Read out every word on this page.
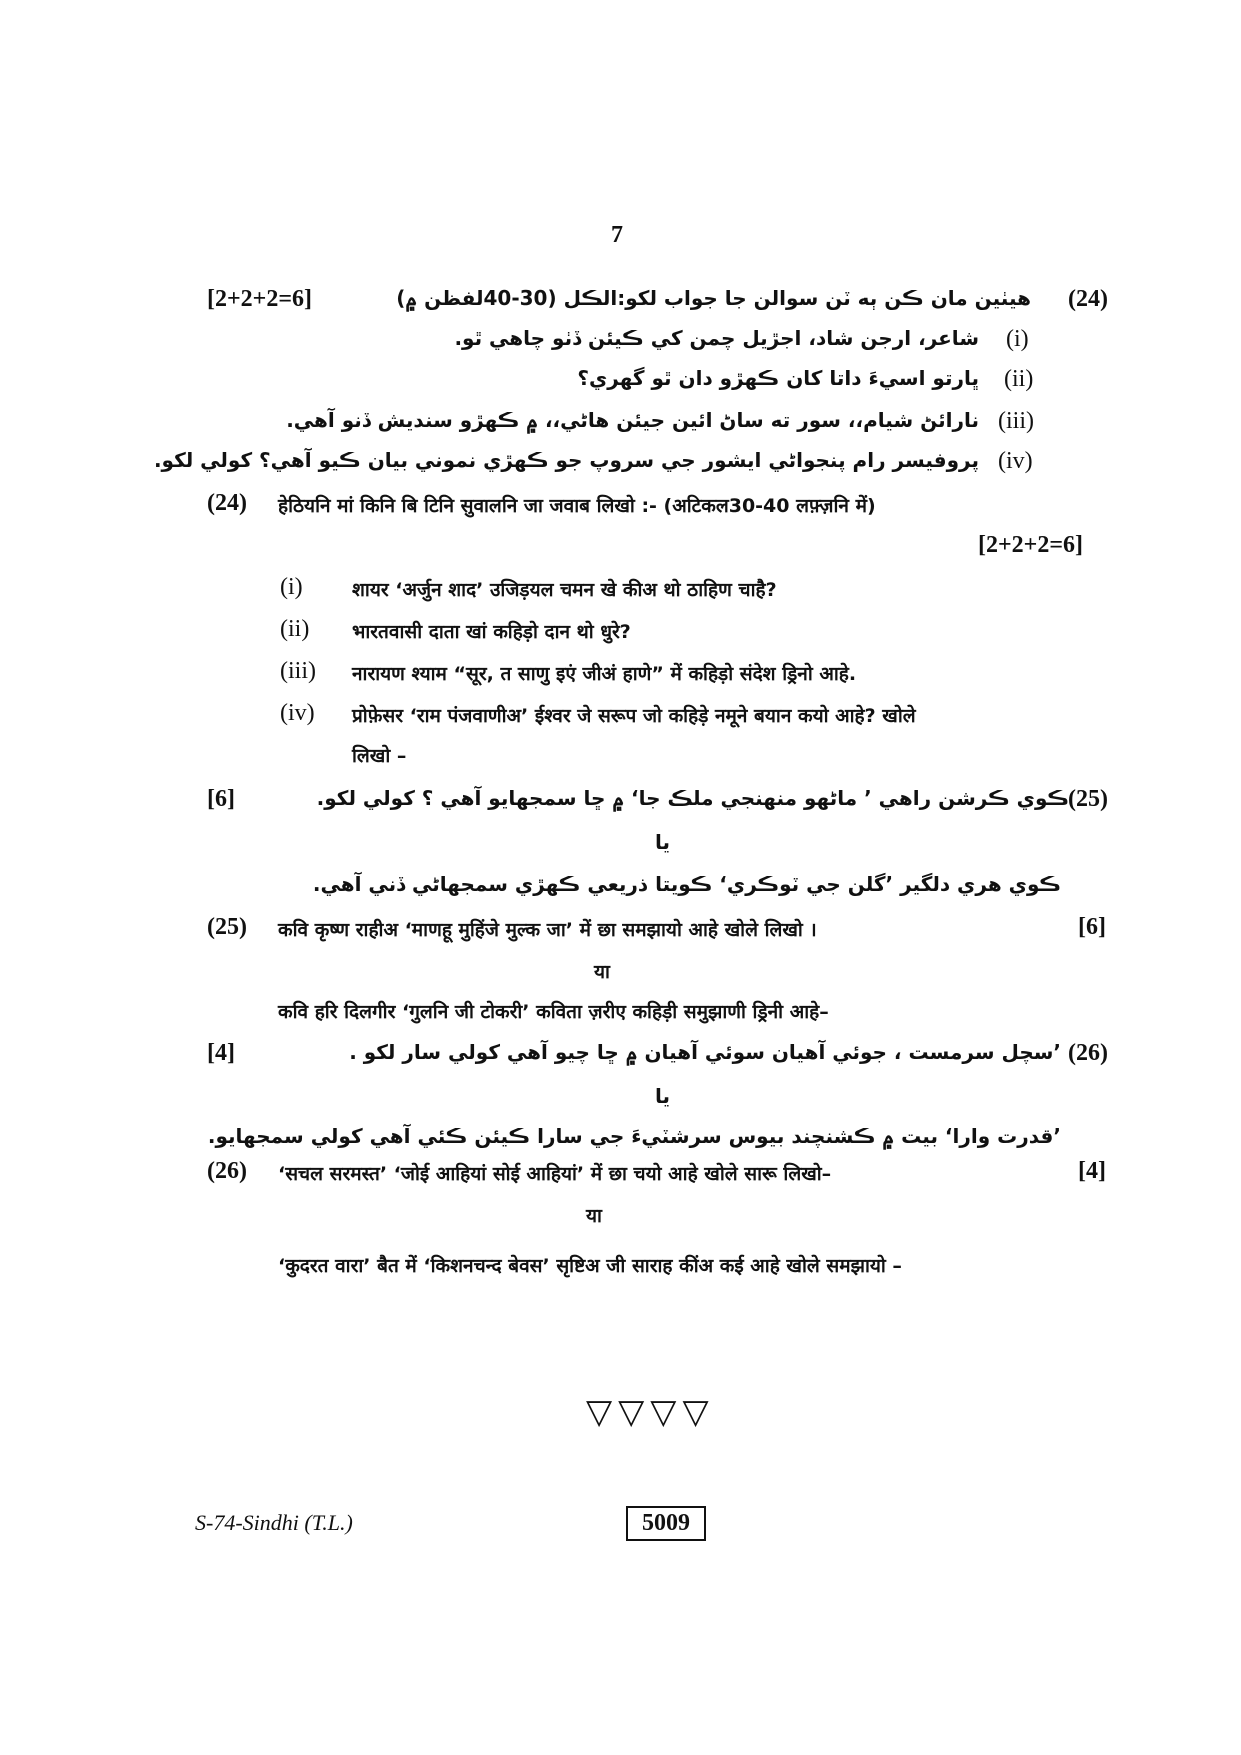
7
[2+2+2=6]	هيٺين مان ڪن ٻه ٽن سوالن جا جواب لکو:الڪل (30-40لفظن ۾) (24)
(i)
شاعر، ارجن شاد، اجڙيل چمن کي ڪيئن ڏٺو چاهي ٿو.
(ii)
ڀارتو اسيءَ داتا کان ڪهڙو دان ٿو گهري؟
(iii)
نارائڻ شيام،، سور ته ساڻ ائين جيئن هاڻي،، ۾ ڪهڙو سنديش ڏنو آهي.
(iv)
پروفيسر رام پنجواڻي ايشور جي سروپ جو ڪهڙي نموني بيان ڪيو آهي؟ کولي لکو.
(24) हेठियनि मां किनि बि टिनि सुवालनि जा जवाब लिखो :- (अटिकल30-40 लफ़्ज़नि में)
[2+2+2=6]
(i)	शायर ‘अर्जुन शाद’ उजिड़यल चमन खे कीअ थो ठाहिण चाहै?
(ii) भारतवासी दाता खां कहिड़ो दान थो धुरे?
(iii) नारायण श्याम “सूर, त साणु इएं जीअं हाणे” में कहिड़ो संदेश ड्रिनो आहे.
(iv) प्रोफ़ेसर ‘राम पंजवाणीअ’ ईश्वर जे सरूप जो कहिड़े नमूने बयान कयो आहे? खोले
लिखो –
[6]	ڪوي ڪرشن راهي ’ ماڻهو منهنجي ملڪ جا‘ ۾ ڇا سمجهايو آهي ؟ کولي لکو. (25)
يا
ڪوي هري دلگير ’گلن جي ٽوڪري‘ ڪويتا ذريعي ڪهڙي سمجهاڻي ڏني آهي.
(25) कवि कृष्ण राहीअ ‘माणहू मुहिंजे मुल्क जा’ में छा समझायो आहे खोले लिखो ।	[6]
या
कवि हरि दिलगीर ‘गुलनि जी टोकरी’ कविता ज़रीए कहिड़ी समुझाणी ड्रिनी आहे–
[4]	’سچل سرمست ، جوئي آهيان سوئي آهيان ۾ ڇا چيو آهي کولي سار لکو . (26)
يا
’قدرت وارا‘ بيت ۾ ڪشنچند بيوس سرشٽيءَ جي سارا ڪيئن ڪئي آهي کولي سمجهايو.
(26) ‘सचल सरमस्त’ ‘जोई आहियां सोई आहियां’ में छा चयो आहे खोले सारू लिखो–	[4]
या
‘कुदरत वारा’ बैत में ‘किशनचन्द बेवस’ सृष्टिअ जी साराह कींअ कई आहे खोले समझायो –
▽▽▽▽
S-74-Sindhi (T.L.)	5009
